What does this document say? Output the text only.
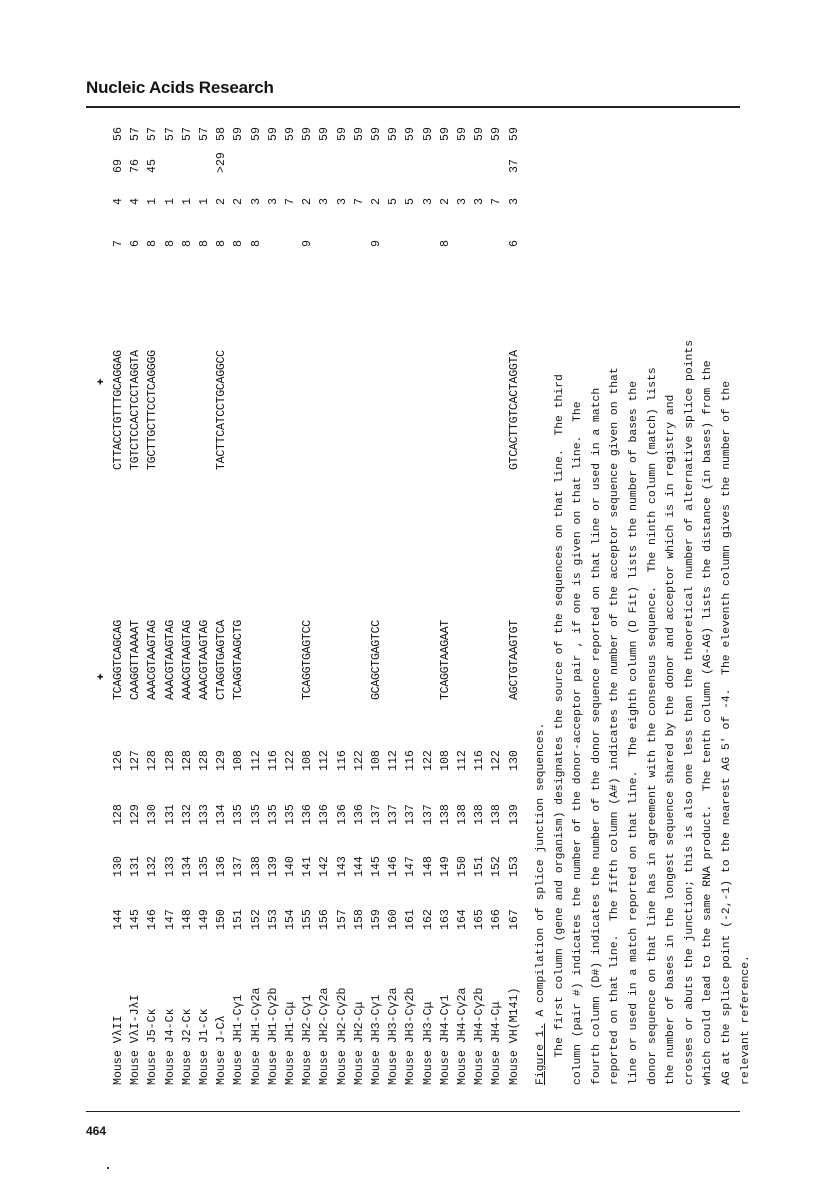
Nucleic Acids Research
✚
✚
Mouse VλII
144
130
128
126
TCAGGTCAGCAG
CTTACCTGTTTGCAGGAG
7
4
69
56
Mouse VλI-JλI
145
131
129
127
CAAGGTTAAAAT
TGTCTCCACTCCTAGGTA
6
4
76
57
Mouse J5-Cκ
146
132
130
128
AAACGTAAGTAG
TGCTTGCTTCCTCAGGGG
8
1
45
57
Mouse J4-Cκ
147
133
131
128
AAACGTAAGTAG
8
1
57
Mouse J2-Cκ
148
134
132
128
AAACGTAAGTAG
8
1
57
Mouse J1-Cκ
149
135
133
128
AAACGTAAGTAG
8
1
57
Mouse J-Cλ
150
136
134
129
CTAGGTGAGTCA
TACTTCATCCTGCAGGCC
8
2
>29
58
Mouse JH1-Cγ1
151
137
135
108
TCAGGTAAGCTG
8
2
59
Mouse JH1-Cγ2a
152
138
135
112
8
3
59
Mouse JH1-Cγ2b
153
139
135
116
3
59
Mouse JH1-Cμ
154
140
135
122
7
59
Mouse JH2-Cγ1
155
141
136
108
TCAGGTGAGTCC
9
2
59
Mouse JH2-Cγ2a
156
142
136
112
3
59
Mouse JH2-Cγ2b
157
143
136
116
3
59
Mouse JH2-Cμ
158
144
136
122
7
59
Mouse JH3-Cγ1
159
145
137
108
GCAGCTGAGTCC
9
2
59
Mouse JH3-Cγ2a
160
146
137
112
5
59
Mouse JH3-Cγ2b
161
147
137
116
5
59
Mouse JH3-Cμ
162
148
137
122
3
59
Mouse JH4-Cγ1
163
149
138
108
TCAGGTAAGAAT
8
2
59
Mouse JH4-Cγ2a
164
150
138
112
3
59
Mouse JH4-Cγ2b
165
151
138
116
3
59
Mouse JH4-Cμ
166
152
138
122
7
59
Mouse VH(M141)
167
153
139
130
AGCTGTAAGTGT
GTCACTTGTCACTAGGTA
6
3
37
59
Figure 1. A compilation of splice junction sequences. The first column (gene and organism) designates the source of the sequences on that line.  The third column (pair #) indicates the number of the donor-acceptor pair , if one is given on that line.  The fourth column (D#) indicates the number of the donor sequence reported on that line or used in a match reported on that line.  The fifth column (A#) indicates the number of the acceptor sequence given on that line or used in a match reported on that line.  The eighth column (D Fit) lists the number of bases the donor sequence on that line has in agreement with the consensus sequence.  The ninth column (match) lists the number of bases in the longest sequence shared by the donor and acceptor which is in registry and crosses or abuts the junction; this is also one less than the theoretical number of alternative splice points which could lead to the same RNA product.  The tenth column (AG-AG) lists the distance (in bases) from the AG at the splice point (-2,-1) to the nearest AG 5' of -4.  The eleventh column gives the number of the relevant reference.
464
